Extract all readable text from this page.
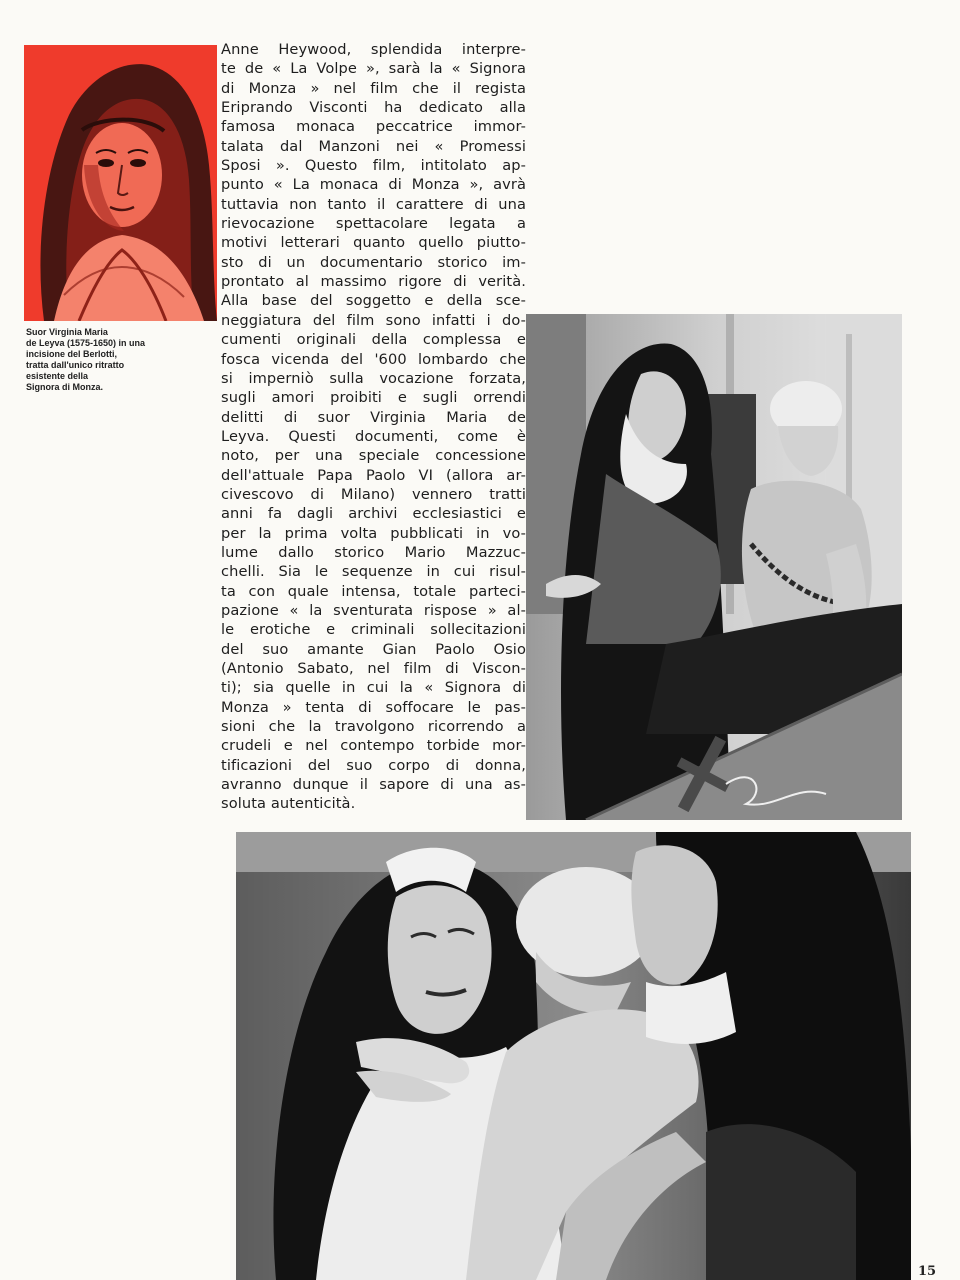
Suor Virginia Maria
de Leyva (1575-1650) in una
incisione del Berlotti,
tratta dall'unico ritratto
esistente della
Signora di Monza.
Anne Heywood, splendida interpre-
te de « La Volpe », sarà la « Signora
di Monza » nel film che il regista
Eriprando Visconti ha dedicato alla
famosa monaca peccatrice immor-
talata dal Manzoni nei « Promessi
Sposi ». Questo film, intitolato ap-
punto « La monaca di Monza », avrà
tuttavia non tanto il carattere di una
rievocazione spettacolare legata a
motivi letterari quanto quello piutto-
sto di un documentario storico im-
prontato al massimo rigore di verità.
Alla base del soggetto e della sce-
neggiatura del film sono infatti i do-
cumenti originali della complessa e
fosca vicenda del '600 lombardo che
si imperniò sulla vocazione forzata,
sugli amori proibiti e sugli orrendi
delitti di suor Virginia Maria de
Leyva. Questi documenti, come è
noto, per una speciale concessione
dell'attuale Papa Paolo VI (allora ar-
civescovo di Milano) vennero tratti
anni fa dagli archivi ecclesiastici e
per la prima volta pubblicati in vo-
lume dallo storico Mario Mazzuc-
chelli. Sia le sequenze in cui risul-
ta con quale intensa, totale parteci-
pazione « la sventurata rispose » al-
le erotiche e criminali sollecitazioni
del suo amante Gian Paolo Osio
(Antonio Sabato, nel film di Viscon-
ti); sia quelle in cui la « Signora di
Monza » tenta di soffocare le pas-
sioni che la travolgono ricorrendo a
crudeli e nel contempo torbide mor-
tificazioni del suo corpo di donna,
avranno dunque il sapore di una as-
soluta autenticità.
15
